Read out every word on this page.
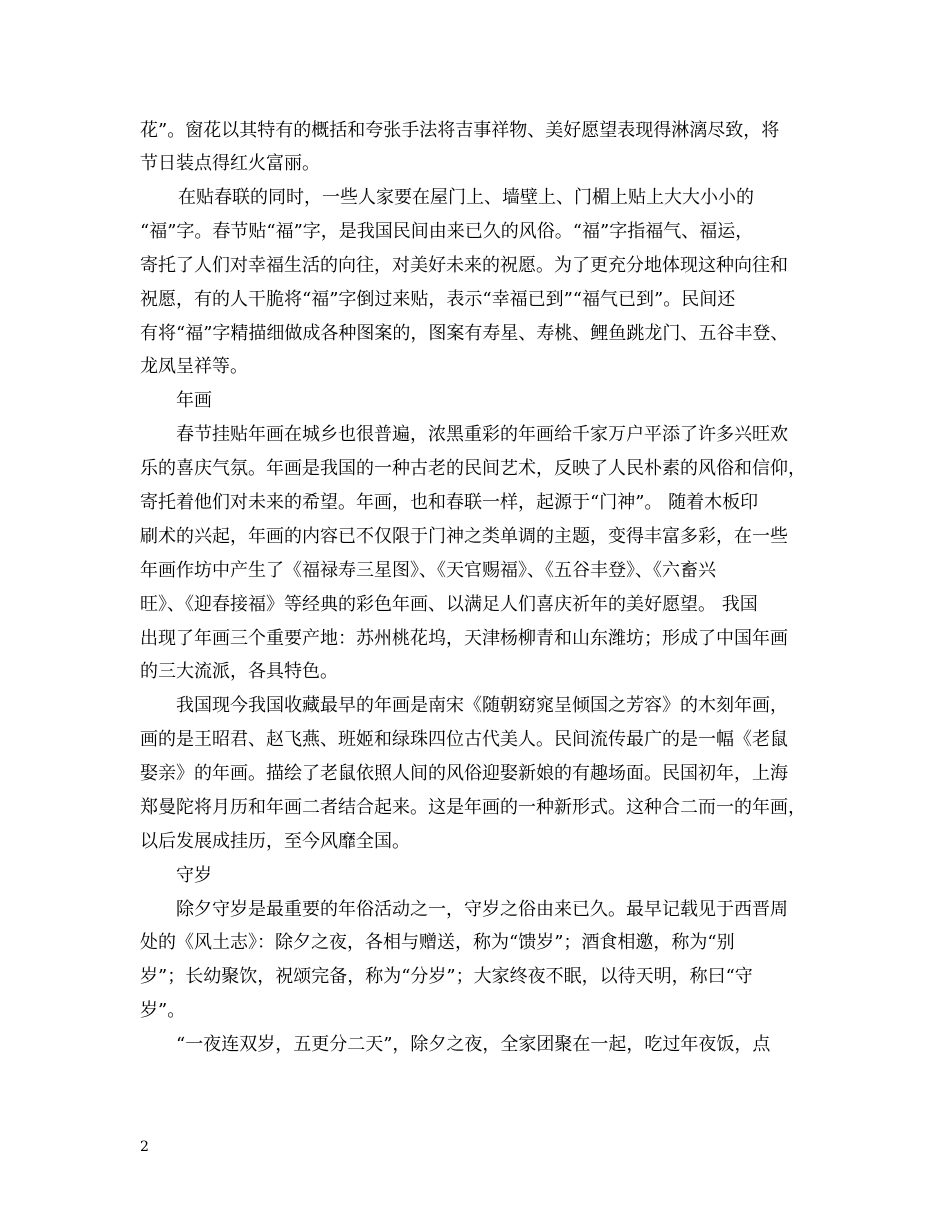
花”。窗花以其特有的概括和夸张手法将吉事祥物、美好愿望表现得淋漓尽致，将
节日装点得红火富丽。
在贴春联的同时，一些人家要在屋门上、墙壁上、门楣上贴上大大小小的
“福”字。春节贴“福”字，是我国民间由来已久的风俗。“福”字指福气、福运，
寄托了人们对幸福生活的向往，对美好未来的祝愿。为了更充分地体现这种向往和
祝愿，有的人干脆将“福”字倒过来贴，表示“幸福已到”“福气已到”。民间还
有将“福”字精描细做成各种图案的，图案有寿星、寿桃、鲤鱼跳龙门、五谷丰登、
龙凤呈祥等。
年画
春节挂贴年画在城乡也很普遍，浓黑重彩的年画给千家万户平添了许多兴旺欢
乐的喜庆气氛。年画是我国的一种古老的民间艺术，反映了人民朴素的风俗和信仰，
寄托着他们对未来的希望。年画，也和春联一样，起源于“门神”。 随着木板印
刷术的兴起，年画的内容已不仅限于门神之类单调的主题，变得丰富多彩，在一些
年画作坊中产生了《福禄寿三星图》、《天官赐福》、《五谷丰登》、《六畜兴
旺》、《迎春接福》等经典的彩色年画、以满足人们喜庆祈年的美好愿望。 我国
出现了年画三个重要产地：苏州桃花坞，天津杨柳青和山东潍坊；形成了中国年画
的三大流派，各具特色。
我国现今我国收藏最早的年画是南宋《随朝窈窕呈倾国之芳容》的木刻年画，
画的是王昭君、赵飞燕、班姬和绿珠四位古代美人。民间流传最广的是一幅《老鼠
娶亲》的年画。描绘了老鼠依照人间的风俗迎娶新娘的有趣场面。民国初年，上海
郑曼陀将月历和年画二者结合起来。这是年画的一种新形式。这种合二而一的年画，
以后发展成挂历，至今风靡全国。
守岁
除夕守岁是最重要的年俗活动之一，守岁之俗由来已久。最早记载见于西晋周
处的《风土志》：除夕之夜，各相与赠送，称为“馈岁”；酒食相邀，称为“别
岁”；长幼聚饮，祝颂完备，称为“分岁”；大家终夜不眠，以待天明，称曰“守
岁”。
“一夜连双岁，五更分二天”，除夕之夜，全家团聚在一起，吃过年夜饭，点
2
